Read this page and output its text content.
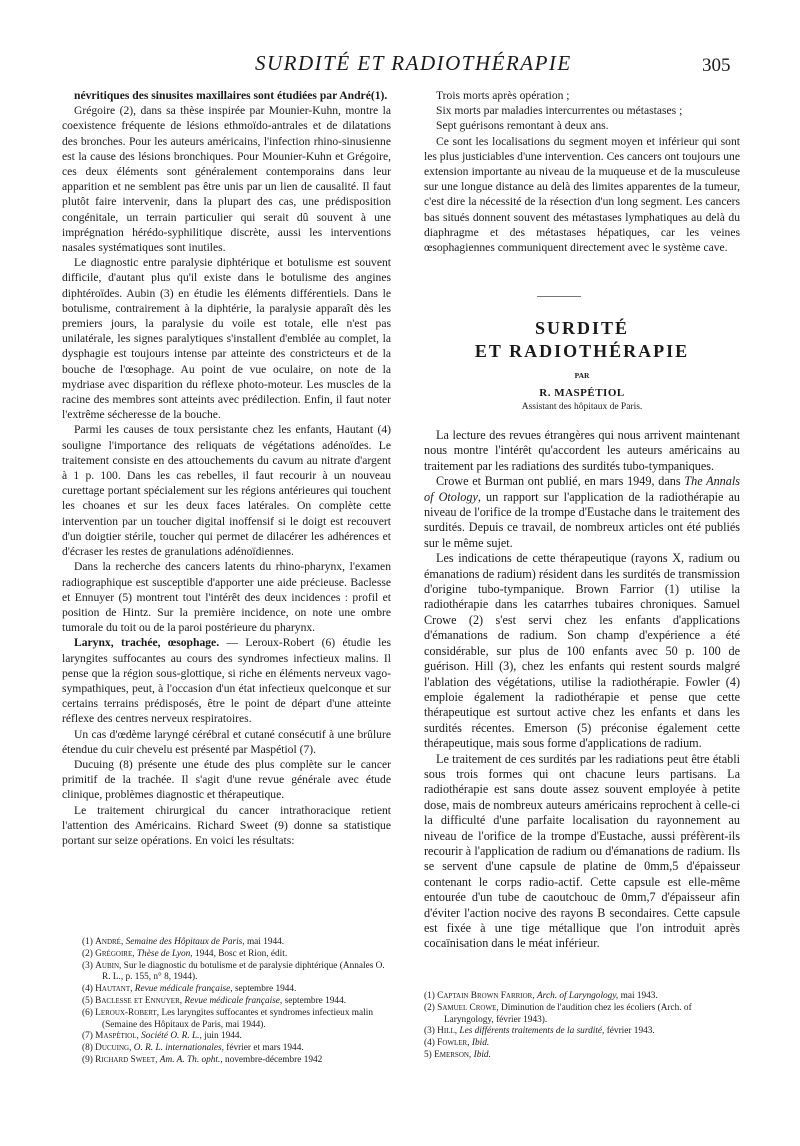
SURDITÉ ET RADIOTHÉRAPIE	305

névritiques des sinusites maxillaires sont étudiées par André(1).

Grégoire (2), dans sa thèse inspirée par Mounier-Kuhn, montre la coexistence fréquente de lésions ethmoïdo-antrales et de dilatations des bronches. Pour les auteurs américains, l'infection rhino-sinusienne est la cause des lésions bronchiques. Pour Mounier-Kuhn et Grégoire, ces deux éléments sont généralement contemporains dans leur apparition et ne semblent pas être unis par un lien de causalité. Il faut plutôt faire intervenir, dans la plupart des cas, une prédisposition congénitale, un terrain particulier qui serait dû souvent à une imprégnation hérédo-syphilitique discrète, aussi les interventions nasales systématiques sont inutiles.

Le diagnostic entre paralysie diphtérique et botulisme est souvent difficile, d'autant plus qu'il existe dans le botulisme des angines diphtéroïdes. Aubin (3) en étudie les éléments différentiels. Dans le botulisme, contrairement à la diphtérie, la paralysie apparaît dès les premiers jours, la paralysie du voile est totale, elle n'est pas unilatérale, les signes paralytiques s'installent d'emblée au complet, la dysphagie est toujours intense par atteinte des constricteurs et de la bouche de l'œsophage. Au point de vue oculaire, on note de la mydriase avec disparition du réflexe photo-moteur. Les muscles de la racine des membres sont atteints avec prédilection. Enfin, il faut noter l'extrême sécheresse de la bouche.

Parmi les causes de toux persistante chez les enfants, Hautant (4) souligne l'importance des reliquats de végétations adénoïdes. Le traitement consiste en des attouchements du cavum au nitrate d'argent à 1 p. 100. Dans les cas rebelles, il faut recourir à un nouveau curettage portant spécialement sur les régions antérieures qui touchent les choanes et sur les deux faces latérales. On complète cette intervention par un toucher digital inoffensif si le doigt est recouvert d'un doigtier stérile, toucher qui permet de dilacérer les adhérences et d'écraser les restes de granulations adénoïdiennes.

Dans la recherche des cancers latents du rhino-pharynx, l'examen radiographique est susceptible d'apporter une aide précieuse. Baclesse et Ennuyer (5) montrent tout l'intérêt des deux incidences : profil et position de Hintz. Sur la première incidence, on note une ombre tumorale du toit ou de la paroi postérieure du pharynx.

Larynx, trachée, œsophage. — Leroux-Robert (6) étudie les laryngites suffocantes au cours des syndromes infectieux malins. Il pense que la région sous-glottique, si riche en éléments nerveux vago-sympathiques, peut, à l'occasion d'un état infectieux quelconque et sur certains terrains prédisposés, être le point de départ d'une atteinte réflexe des centres nerveux respiratoires.

Un cas d'œdème laryngé cérébral et cutané consécutif à une brûlure étendue du cuir chevelu est présenté par Maspétiol (7).

Ducuing (8) présente une étude des plus complète sur le cancer primitif de la trachée. Il s'agit d'une revue générale avec étude clinique, problèmes diagnostic et thérapeutique.

Le traitement chirurgical du cancer intrathoracique retient l'attention des Américains. Richard Sweet (9) donne sa statistique portant sur seize opérations. En voici les résultats:

(1) André, Semaine des Hôpitaux de Paris, mai 1944.
(2) Grégoire, Thèse de Lyon, 1944, Bosc et Rion, édit.
(3) Aubin, Sur le diagnostic du botulisme et de paralysie diphtérique (Annales O. R. L., p. 155, n° 8, 1944).
(4) Hautant, Revue médicale française, septembre 1944.
(5) Baclesse et Ennuyer, Revue médicale française, septembre 1944.
(6) Leroux-Robert, Les laryngites suffocantes et syndromes infectieux malin (Semaine des Hôpitaux de Paris, mai 1944).
(7) Maspétiol, Société O. R. L., juin 1944.
(8) Ducuing, O. R. L. internationales, février et mars 1944.
(9) Richard Sweet, Am. A. Th. opht., novembre-décembre 1942

Trois morts après opération ;

Six morts par maladies intercurrentes ou métastases ;

Sept guérisons remontant à deux ans.

Ce sont les localisations du segment moyen et inférieur qui sont les plus justiciables d'une intervention. Ces cancers ont toujours une extension importante au niveau de la muqueuse et de la musculeuse sur une longue distance au delà des limites apparentes de la tumeur, c'est dire la nécessité de la résection d'un long segment. Les cancers bas situés donnent souvent des métastases lymphatiques au delà du diaphragme et des métastases hépatiques, car les veines œsophagiennes communiquent directement avec le système cave.

SURDITÉ
ET RADIOTHÉRAPIE
PAR
R. MASPÉTIOL
Assistant des hôpitaux de Paris.

La lecture des revues étrangères qui nous arrivent maintenant nous montre l'intérêt qu'accordent les auteurs américains au traitement par les radiations des surdités tubo-tympaniques.

Crowe et Burman ont publié, en mars 1949, dans The Annals of Otology, un rapport sur l'application de la radiothérapie au niveau de l'orifice de la trompe d'Eustache dans le traitement des surdités. Depuis ce travail, de nombreux articles ont été publiés sur le même sujet.

Les indications de cette thérapeutique (rayons X, radium ou émanations de radium) résident dans les surdités de transmission d'origine tubo-tympanique. Brown Farrior (1) utilise la radiothérapie dans les catarrhes tubaires chroniques. Samuel Crowe (2) s'est servi chez les enfants d'applications d'émanations de radium. Son champ d'expérience a été considérable, sur plus de 100 enfants avec 50 p. 100 de guérison. Hill (3), chez les enfants qui restent sourds malgré l'ablation des végétations, utilise la radiothérapie. Fowler (4) emploie également la radiothérapie et pense que cette thérapeutique est surtout active chez les enfants et dans les surdités récentes. Emerson (5) préconise également cette thérapeutique, mais sous forme d'applications de radium.

Le traitement de ces surdités par les radiations peut être établi sous trois formes qui ont chacune leurs partisans. La radiothérapie est sans doute assez souvent employée à petite dose, mais de nombreux auteurs américains reprochent à celle-ci la difficulté d'une parfaite localisation du rayonnement au niveau de l'orifice de la trompe d'Eustache, aussi préfèrent-ils recourir à l'application de radium ou d'émanations de radium. Ils se servent d'une capsule de platine de 0mm,5 d'épaisseur contenant le corps radio-actif. Cette capsule est elle-même entourée d'un tube de caoutchouc de 0mm,7 d'épaisseur afin d'éviter l'action nocive des rayons B secondaires. Cette capsule est fixée à une tige métallique que l'on introduit après cocaïnisation dans le méat inférieur.

(1) Captain Brown Farrior, Arch. of Laryngology, mai 1943.
(2) Samuel Crowe, Diminution de l'audition chez les écoliers (Arch. of Laryngology, février 1943).
(3) Hill, Les différents traitements de la surdité, février 1943.
(4) Fowler, Ibid.
5) Emerson, Ibid.
